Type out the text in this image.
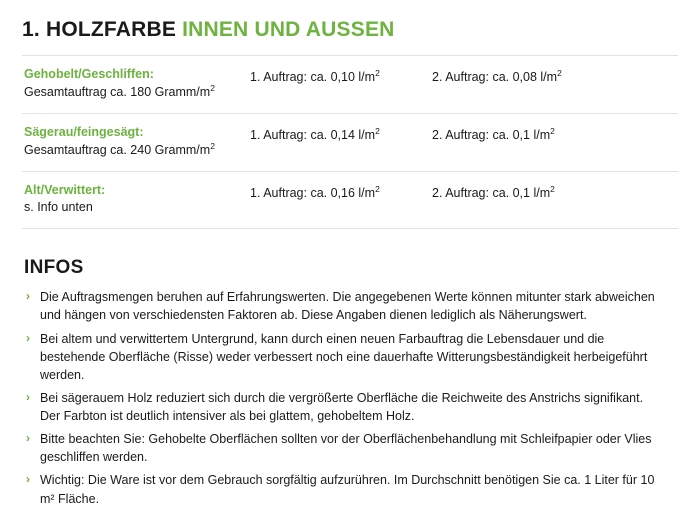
1. HOLZFARBE INNEN UND AUSSEN
Gehobelt/Geschliffen:
Gesamtauftrag ca. 180 Gramm/$m^2$
1. Auftrag: ca. 0,10 $l/m^2$	2. Auftrag: ca. 0,08 $l/m^2$
Sägerau/feingesägt:
Gesamtauftrag ca. 240 Gramm/$m^2$
1. Auftrag: ca. 0,14 $l/m^2$	2. Auftrag: ca. 0,1 $l/m^2$
Alt/Verwittert:
s. Info unten
1. Auftrag: ca. 0,16 $l/m^2$	2. Auftrag: ca. 0,1 $l/m^2$
INFOS
› Die Auftragsmengen beruhen auf Erfahrungswerten. Die angegebenen Werte können mitunter stark abweichen und hängen von verschiedensten Faktoren ab. Diese Angaben dienen lediglich als Näherungswert.
› Bei altem und verwittertem Untergrund, kann durch einen neuen Farbauftrag die Lebensdauer und die bestehende Oberfläche (Risse) weder verbessert noch eine dauerhafte Witterungsbeständigkeit herbeigeführt werden.
› Bei sägerauem Holz reduziert sich durch die vergrößerte Oberfläche die Reichweite des Anstrichs signifikant. Der Farbton ist deutlich intensiver als bei glattem, gehobeltem Holz.
› Bitte beachten Sie: Gehobelte Oberflächen sollten vor der Oberflächenbehandlung mit Schleifpapier oder Vlies geschliffen werden.
› Wichtig: Die Ware ist vor dem Gebrauch sorgfältig aufzurühren. Im Durchschnitt benötigen Sie ca. 1 Liter für 10 m² Fläche.
